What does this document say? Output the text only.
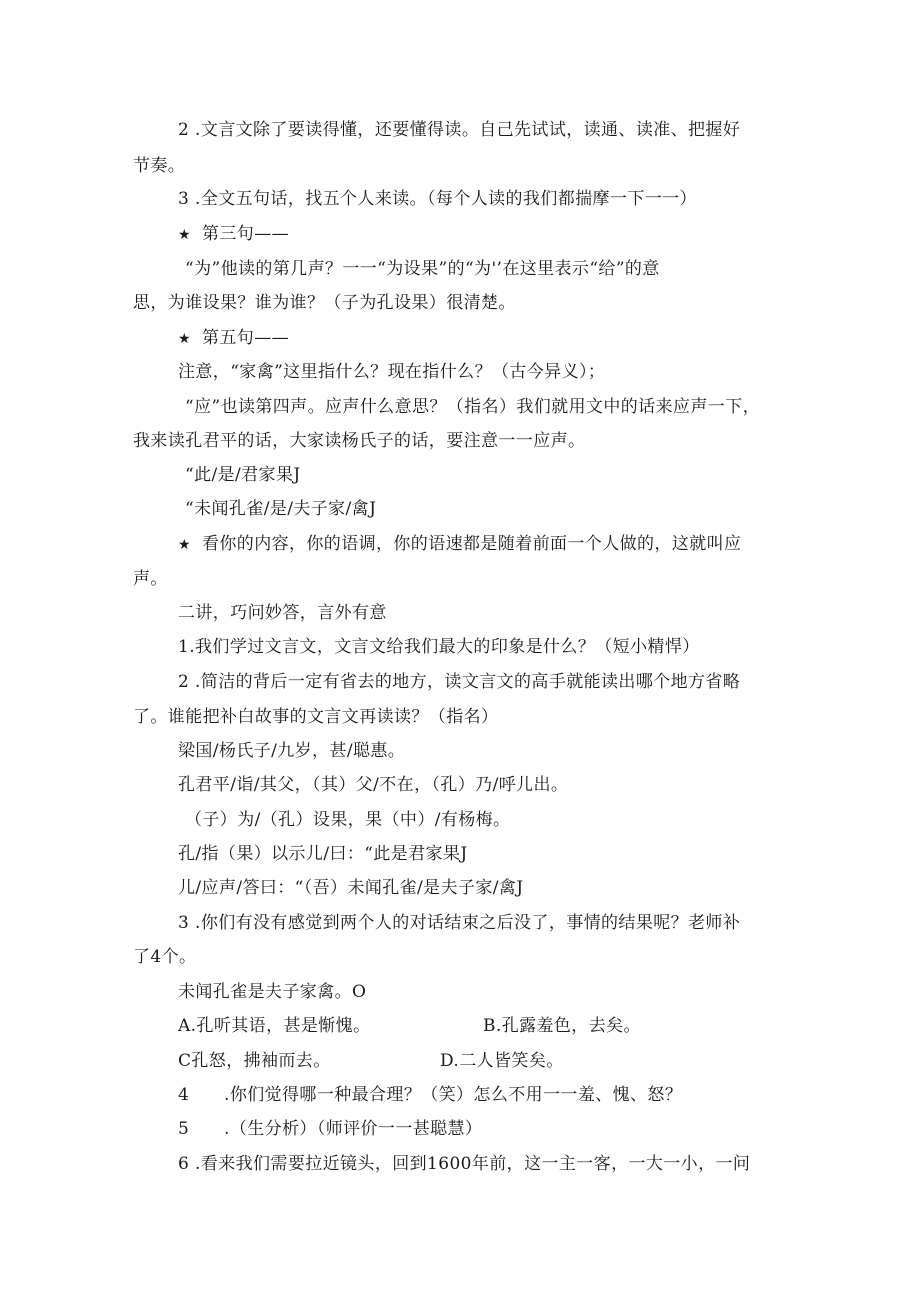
2 .文言文除了要读得懂，还要懂得读。自己先试试，读通、读准、把握好
节奏。
3 .全文五句话，找五个人来读。（每个人读的我们都揣摩一下一一）
★ 第三句——
“为”他读的第几声？一一“为设果”的“为'’在这里表示“给”的意
思，为谁设果？谁为谁？（子为孔设果）很清楚。
★ 第五句——
注意，“家禽”这里指什么？现在指什么？（古今异义）；
“应”也读第四声。应声什么意思？（指名）我们就用文中的话来应声一下，
我来读孔君平的话，大家读杨氏子的话，要注意一一应声。
“此/是/君家果J
“未闻孔雀/是/夫子家/禽J
★ 看你的内容，你的语调，你的语速都是随着前面一个人做的，这就叫应
声。
二讲，巧问妙答，言外有意
1.我们学过文言文，文言文给我们最大的印象是什么？（短小精悍）
2 .简洁的背后一定有省去的地方，读文言文的高手就能读出哪个地方省略
了。谁能把补白故事的文言文再读读？（指名）
梁国/杨氏子/九岁，甚/聪惠。
孔君平/诣/其父，（其）父/不在，（孔）乃/呼儿出。
（子）为/（孔）设果，果（中）/有杨梅。
孔/指（果）以示儿/曰：“此是君家果J
儿/应声/答曰：“（吾）未闻孔雀/是夫子家/禽J
3 .你们有没有感觉到两个人的对话结束之后没了，事情的结果呢？老师补
了4个。
未闻孔雀是夫子家禽。O
A.孔听其语，甚是惭愧。	B.孔露羞色，去矣。
C孔怒，拂袖而去。	D.二人皆笑矣。
4　　.你们觉得哪一种最合理？（笑）怎么不用一一羞、愧、怒？
5　　.（生分析）（师评价一一甚聪慧）
6 .看来我们需要拉近镜头，回到1600年前，这一主一客，一大一小，一问
